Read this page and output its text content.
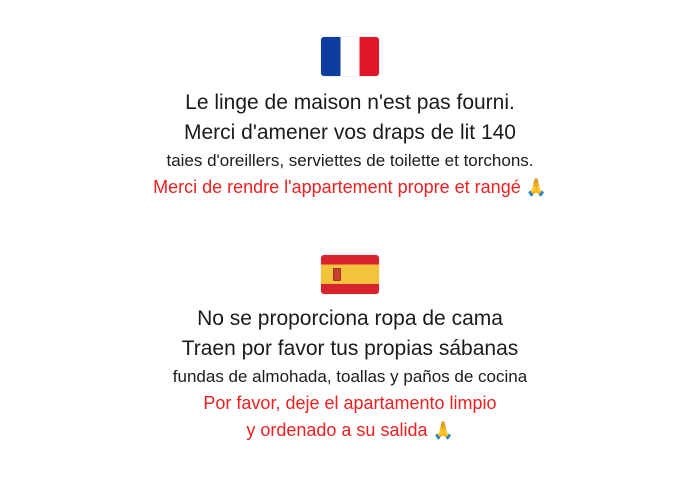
Le linge de maison n'est pas fourni.

Merci d'amener vos draps de lit 140

taies d'oreillers, serviettes de toilette et torchons.

Merci de rendre l'appartement propre et rangé 🙏

No se proporciona ropa de cama

Traen por favor tus propias sábanas

fundas de almohada, toallas y paños de cocina

Por favor, deje el apartamento limpio

y ordenado a su salida 🙏
